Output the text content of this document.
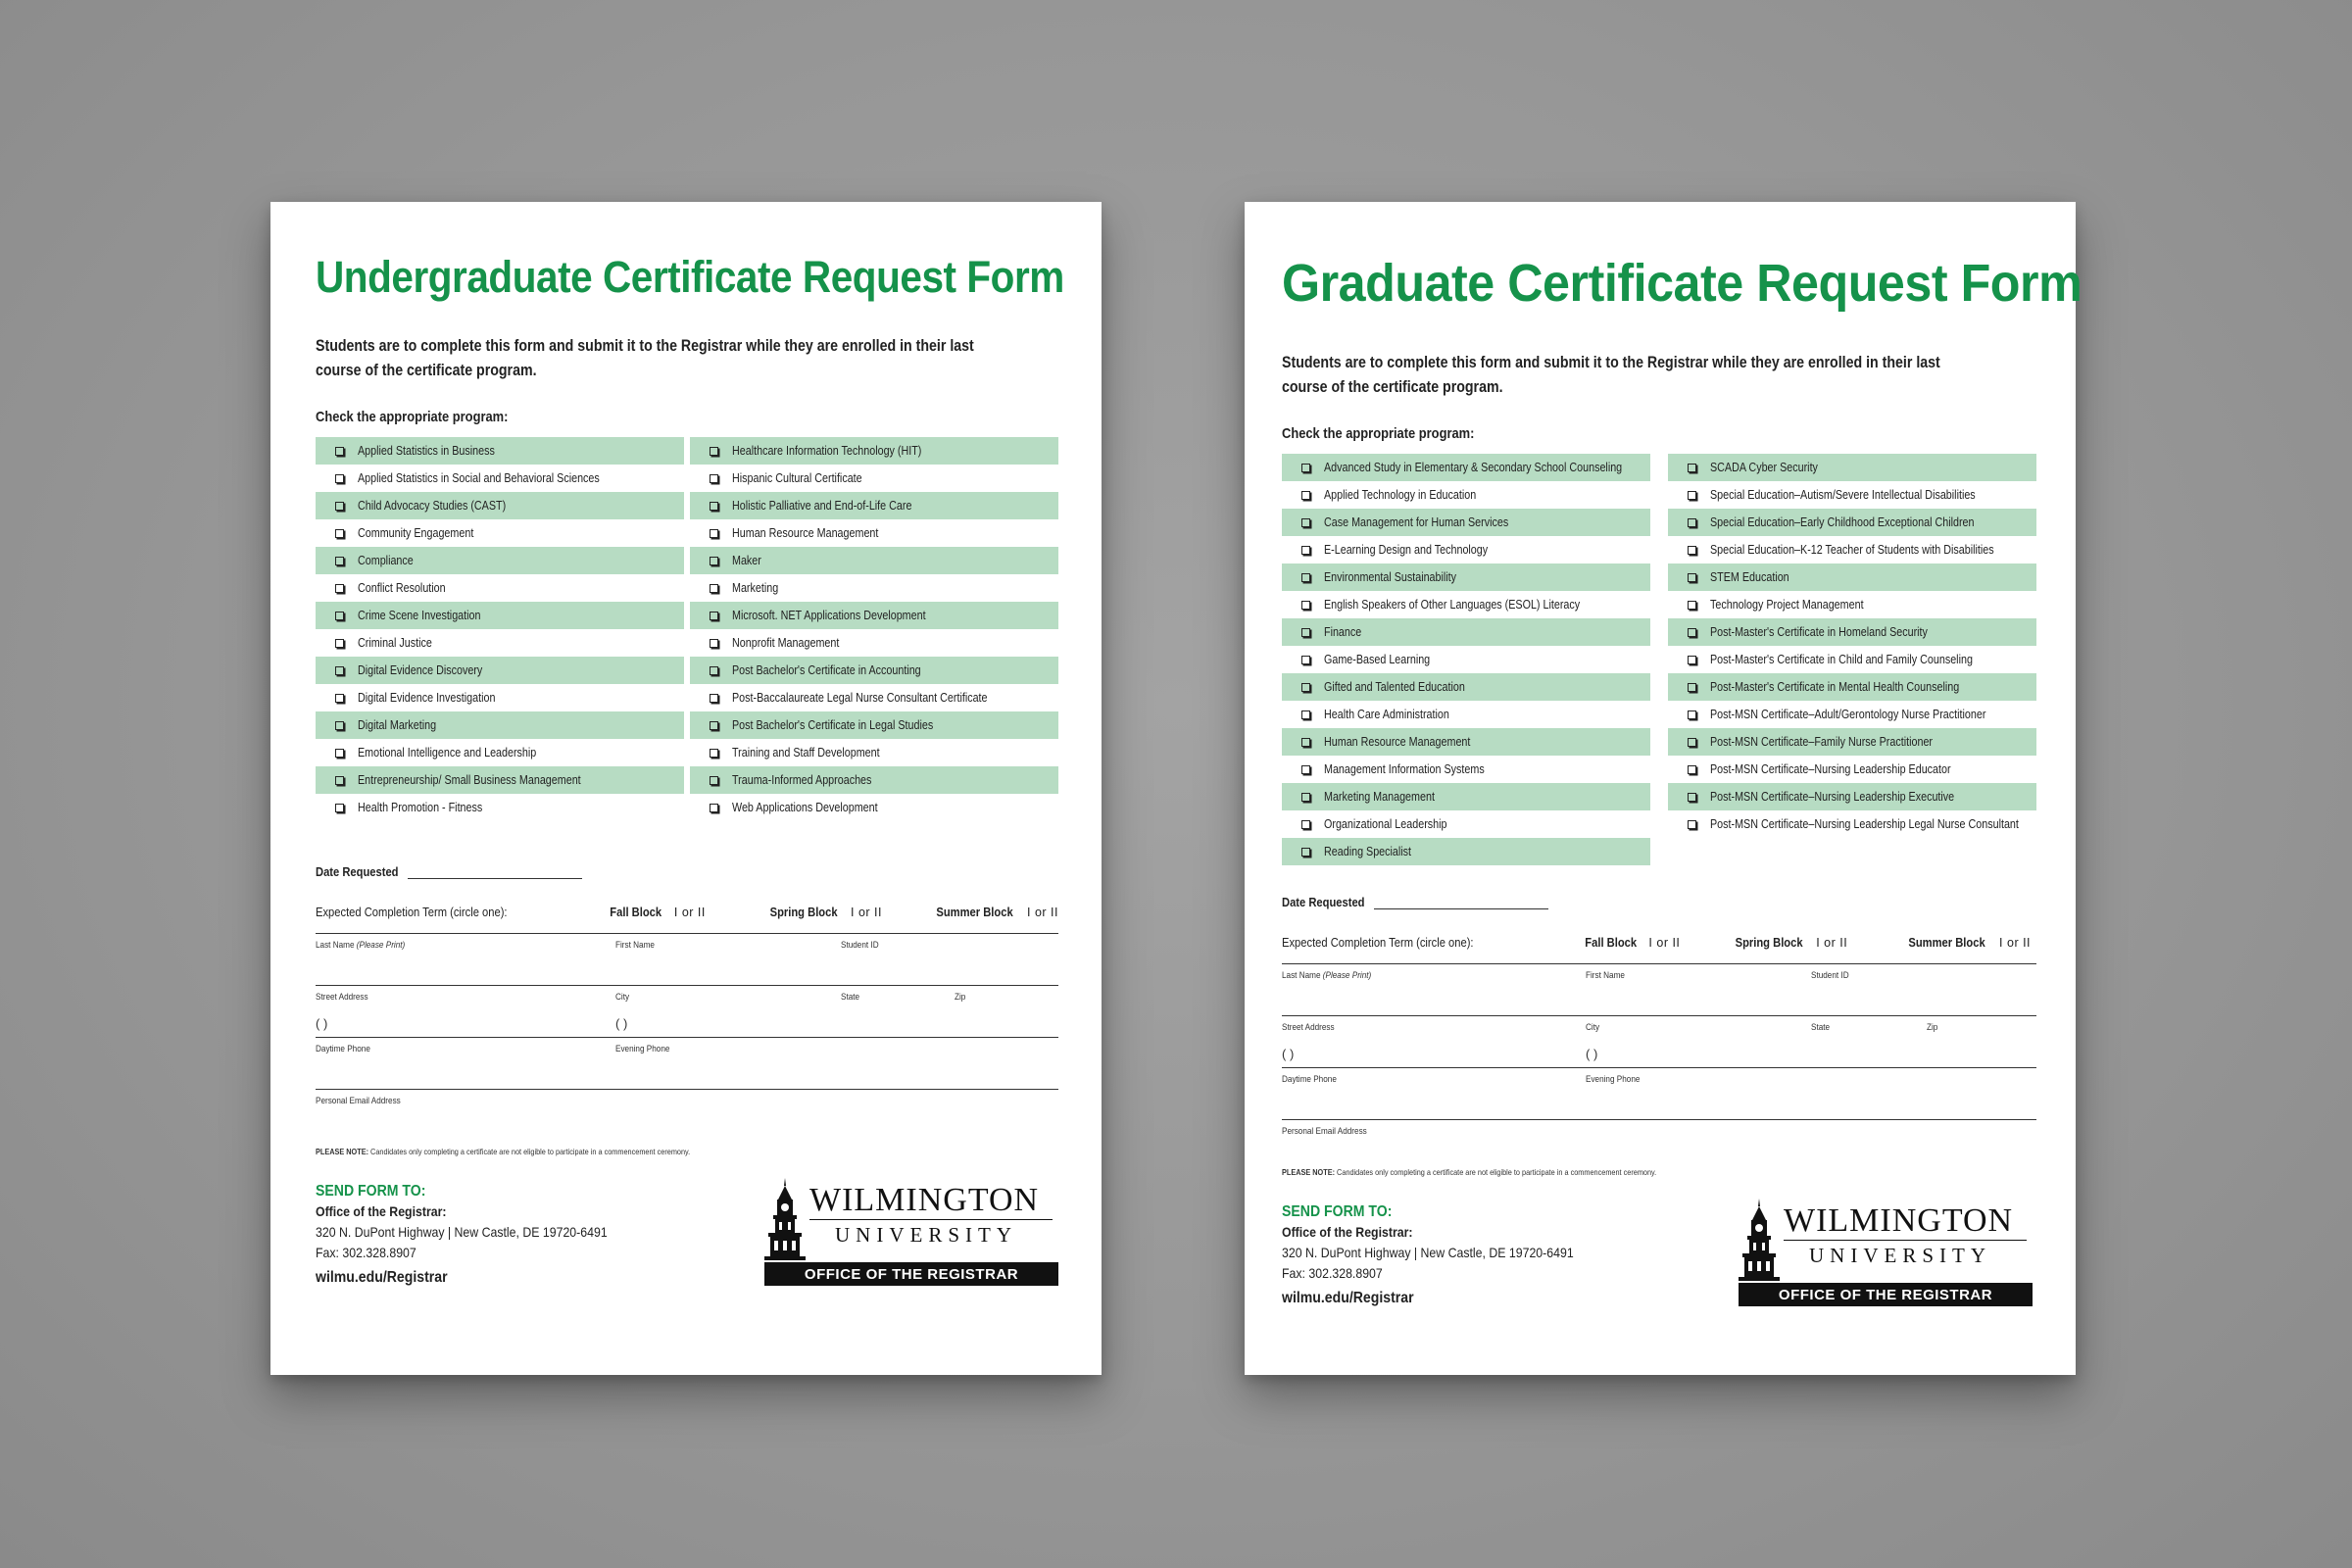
Undergraduate Certificate Request Form

Students are to complete this form and submit it to the Registrar while they are enrolled in their last course of the certificate program.

Check the appropriate program:
Applied Statistics in Business
Applied Statistics in Social and Behavioral Sciences
Child Advocacy Studies (CAST)
Community Engagement
Compliance
Conflict Resolution
Crime Scene Investigation
Criminal Justice
Digital Evidence Discovery
Digital Evidence Investigation
Digital Marketing
Emotional Intelligence and Leadership
Entrepreneurship/ Small Business Management
Health Promotion - Fitness
Healthcare Information Technology (HIT)
Hispanic Cultural Certificate
Holistic Palliative and End-of-Life Care
Human Resource Management
Maker
Marketing
Microsoft. NET Applications Development
Nonprofit Management
Post Bachelor's Certificate in Accounting
Post-Baccalaureate Legal Nurse Consultant Certificate
Post Bachelor's Certificate in Legal Studies
Training and Staff Development
Trauma-Informed Approaches
Web Applications Development
Date Requested
Expected Completion Term (circle one):	Fall Block I or II	Spring Block I or II	Summer Block I or II
Last Name (Please Print)	First Name	Student ID
Street Address	City	State	Zip
( )	( )
Daytime Phone	Evening Phone
Personal Email Address
PLEASE NOTE: Candidates only completing a certificate are not eligible to participate in a commencement ceremony.
SEND FORM TO:
Office of the Registrar:
320 N. DuPont Highway | New Castle, DE 19720-6491
Fax: 302.328.8907
wilmu.edu/Registrar
WILMINGTON
UNIVERSITY
OFFICE OF THE REGISTRAR
Graduate Certificate Request Form

Students are to complete this form and submit it to the Registrar while they are enrolled in their last course of the certificate program.

Check the appropriate program:
Advanced Study in Elementary & Secondary School Counseling
Applied Technology in Education
Case Management for Human Services
E-Learning Design and Technology
Environmental Sustainability
English Speakers of Other Languages (ESOL) Literacy
Finance
Game-Based Learning
Gifted and Talented Education
Health Care Administration
Human Resource Management
Management Information Systems
Marketing Management
Organizational Leadership
Reading Specialist
SCADA Cyber Security
Special Education–Autism/Severe Intellectual Disabilities
Special Education–Early Childhood Exceptional Children
Special Education–K-12 Teacher of Students with Disabilities
STEM Education
Technology Project Management
Post-Master's Certificate in Homeland Security
Post-Master's Certificate in Child and Family Counseling
Post-Master's Certificate in Mental Health Counseling
Post-MSN Certificate–Adult/Gerontology Nurse Practitioner
Post-MSN Certificate–Family Nurse Practitioner
Post-MSN Certificate–Nursing Leadership Educator
Post-MSN Certificate–Nursing Leadership Executive
Post-MSN Certificate–Nursing Leadership Legal Nurse Consultant
Date Requested
Expected Completion Term (circle one):	Fall Block I or II	Spring Block I or II	Summer Block I or II
Last Name (Please Print)	First Name	Student ID
Street Address	City	State	Zip
( )	( )
Daytime Phone	Evening Phone
Personal Email Address
PLEASE NOTE: Candidates only completing a certificate are not eligible to participate in a commencement ceremony.
SEND FORM TO:
Office of the Registrar:
320 N. DuPont Highway | New Castle, DE 19720-6491
Fax: 302.328.8907
wilmu.edu/Registrar
WILMINGTON
UNIVERSITY
OFFICE OF THE REGISTRAR
